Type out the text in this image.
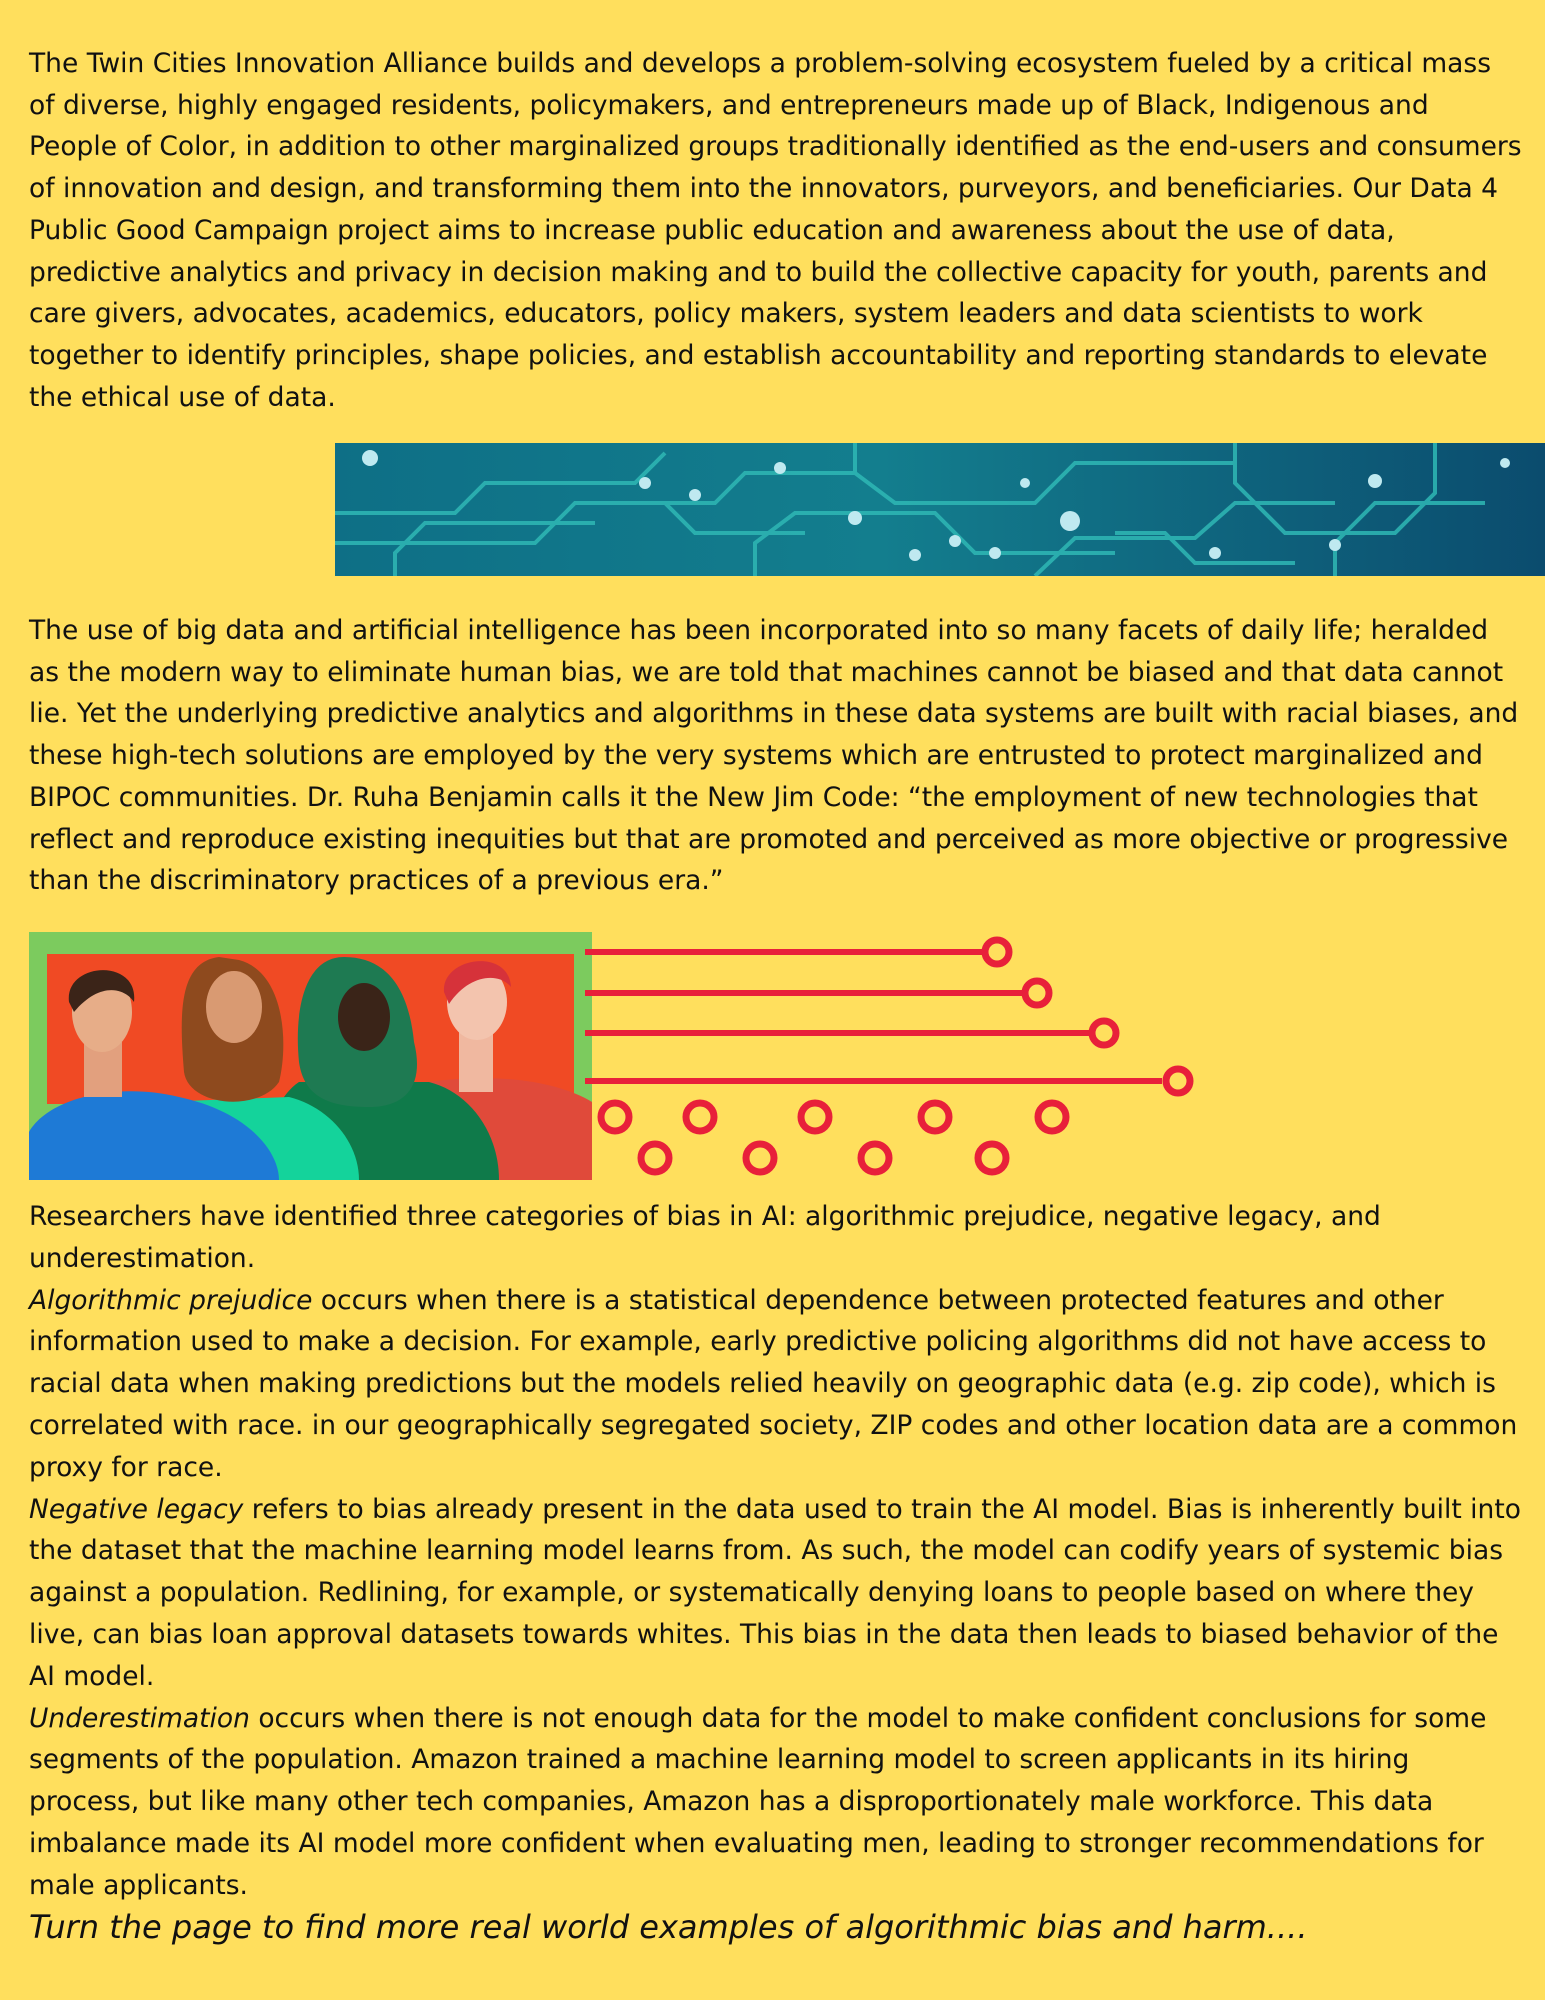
The Twin Cities Innovation Alliance builds and develops a problem-solving ecosystem fueled by a critical mass of diverse, highly engaged residents, policymakers, and entrepreneurs made up of Black, Indigenous and People of Color, in addition to other marginalized groups traditionally identified as the end-users and consumers of innovation and design, and transforming them into the innovators, purveyors, and beneficiaries. Our Data 4 Public Good Campaign project aims to increase public education and awareness about the use of data, predictive analytics and privacy in decision making and to build the collective capacity for youth, parents and care givers, advocates, academics, educators, policy makers, system leaders and data scientists to work together to identify principles, shape policies, and establish accountability and reporting standards to elevate the ethical use of data.

The use of big data and artificial intelligence has been incorporated into so many facets of daily life; heralded as the modern way to eliminate human bias, we are told that machines cannot be biased and that data cannot lie. Yet the underlying predictive analytics and algorithms in these data systems are built with racial biases, and these high-tech solutions are employed by the very systems which are entrusted to protect marginalized and BIPOC communities. Dr. Ruha Benjamin calls it the New Jim Code: “the employment of new technologies that reflect and reproduce existing inequities but that are promoted and perceived as more objective or progressive than the discriminatory practices of a previous era.”

Researchers have identified three categories of bias in AI: algorithmic prejudice, negative legacy, and underestimation.

Algorithmic prejudice occurs when there is a statistical dependence between protected features and other information used to make a decision. For example, early predictive policing algorithms did not have access to racial data when making predictions but the models relied heavily on geographic data (e.g. zip code), which is correlated with race. in our geographically segregated society, ZIP codes and other location data are a common proxy for race.

Negative legacy refers to bias already present in the data used to train the AI model. Bias is inherently built into the dataset that the machine learning model learns from. As such, the model can codify years of systemic bias against a population. Redlining, for example, or systematically denying loans to people based on where they live, can bias loan approval datasets towards whites. This bias in the data then leads to biased behavior of the AI model.

Underestimation occurs when there is not enough data for the model to make confident conclusions for some segments of the population. Amazon trained a machine learning model to screen applicants in its hiring process, but like many other tech companies, Amazon has a disproportionately male workforce. This data imbalance made its AI model more confident when evaluating men, leading to stronger recommendations for male applicants.

Turn the page to find more real world examples of algorithmic bias and harm....
